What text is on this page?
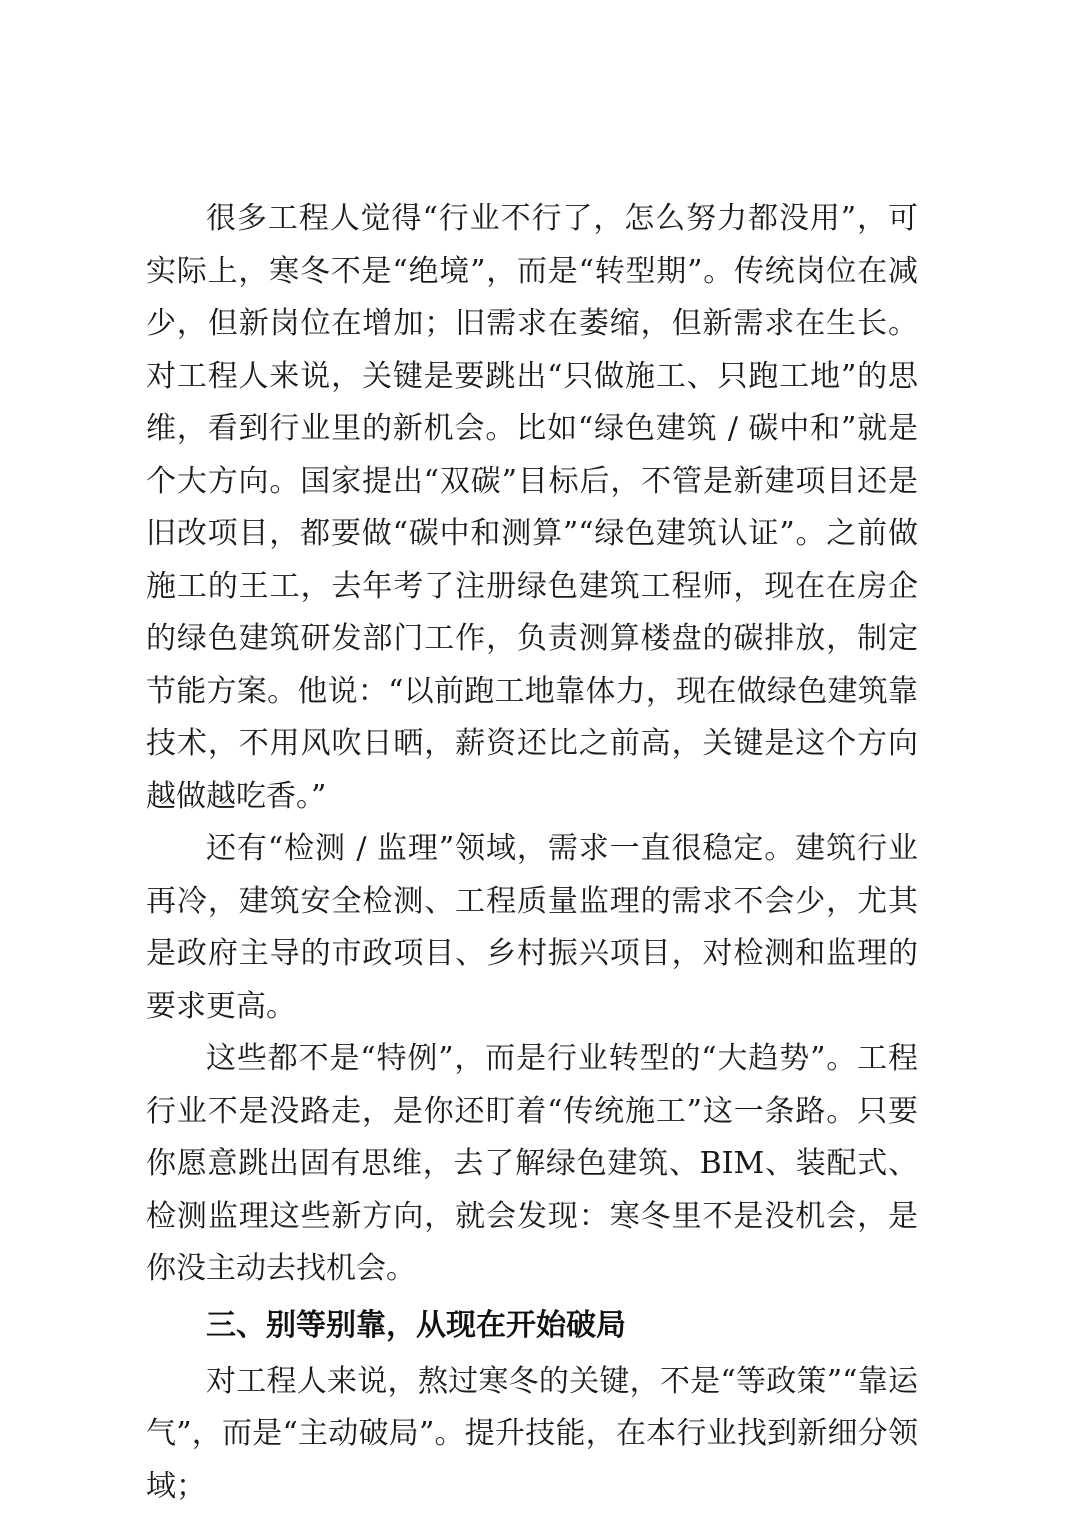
很多工程人觉得“行业不行了，怎么努力都没用”，可实际上，寒冬不是“绝境”，而是“转型期”。传统岗位在减少，但新岗位在增加；旧需求在萎缩，但新需求在生长。对工程人来说，关键是要跳出“只做施工、只跑工地”的思维，看到行业里的新机会。比如“绿色建筑 / 碳中和”就是个大方向。国家提出“双碳”目标后，不管是新建项目还是旧改项目，都要做“碳中和测算”“绿色建筑认证”。之前做施工的王工，去年考了注册绿色建筑工程师，现在在房企的绿色建筑研发部门工作，负责测算楼盘的碳排放，制定节能方案。他说：“以前跑工地靠体力，现在做绿色建筑靠技术，不用风吹日晒，薪资还比之前高，关键是这个方向越做越吃香。”

还有“检测 / 监理”领域，需求一直很稳定。建筑行业再冷，建筑安全检测、工程质量监理的需求不会少，尤其是政府主导的市政项目、乡村振兴项目，对检测和监理的要求更高。

这些都不是“特例”，而是行业转型的“大趋势”。工程行业不是没路走，是你还盯着“传统施工”这一条路。只要你愿意跳出固有思维，去了解绿色建筑、BIM、装配式、检测监理这些新方向，就会发现：寒冬里不是没机会，是你没主动去找机会。

三、别等别靠，从现在开始破局

对工程人来说，熬过寒冬的关键，不是“等政策”“靠运气”，而是“主动破局”。提升技能，在本行业找到新细分领域；
